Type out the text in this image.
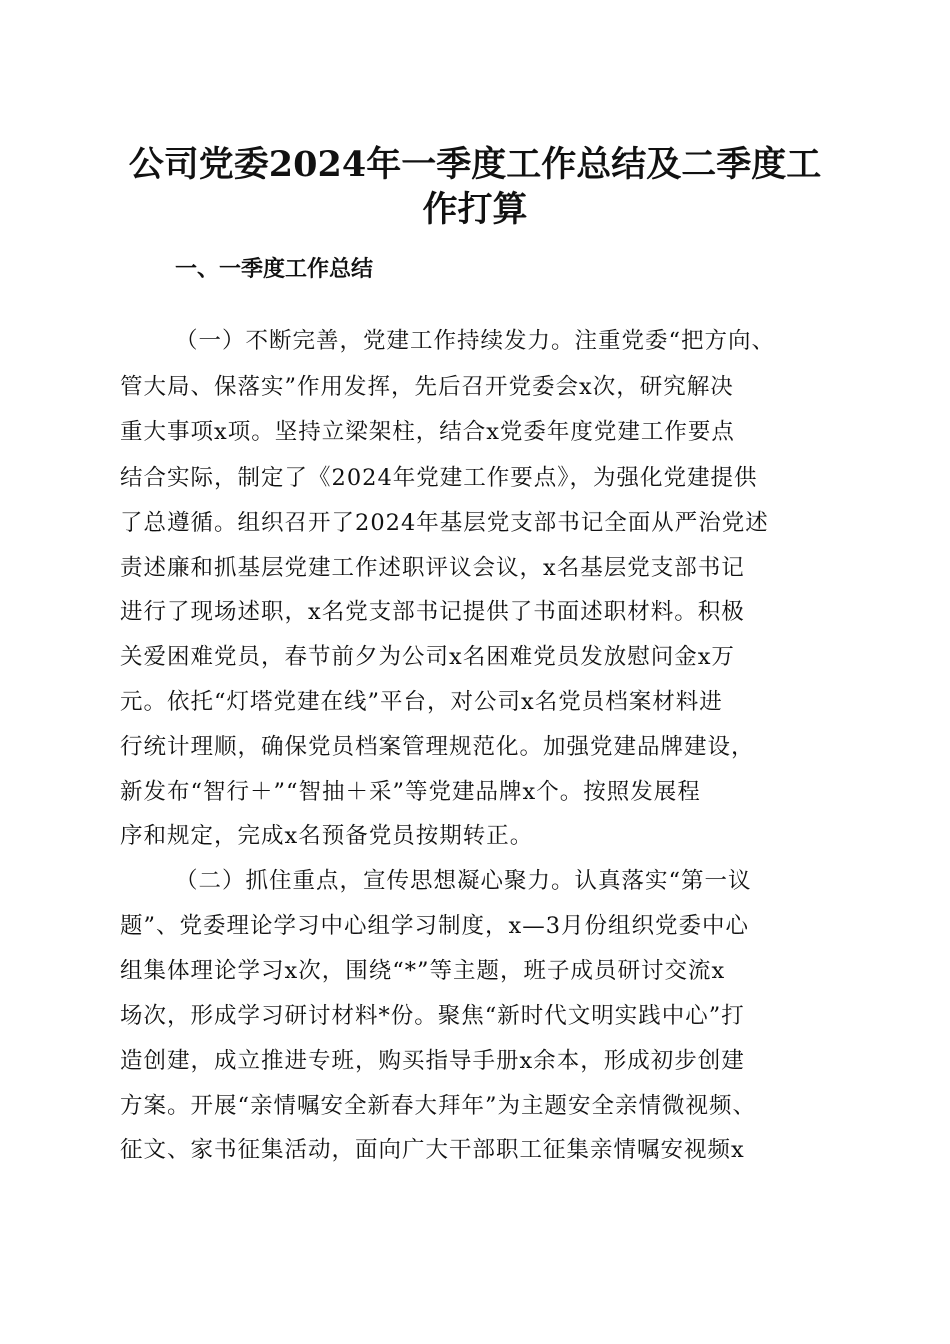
公司党委2024年一季度工作总结及二季度工
作打算
一、一季度工作总结

（一）不断完善，党建工作持续发力。注重党委“把方向、

管大局、保落实”作用发挥，先后召开党委会x次，研究解决

重大事项x项。坚持立梁架柱，结合x党委年度党建工作要点

结合实际，制定了《2024年党建工作要点》，为强化党建提供

了总遵循。组织召开了2024年基层党支部书记全面从严治党述

责述廉和抓基层党建工作述职评议会议，x名基层党支部书记

进行了现场述职，x名党支部书记提供了书面述职材料。积极

关爱困难党员，春节前夕为公司x名困难党员发放慰问金x万

元。依托“灯塔党建在线”平台，对公司x名党员档案材料进

行统计理顺，确保党员档案管理规范化。加强党建品牌建设，

新发布“智行＋”“智抽＋采”等党建品牌x个。按照发展程

序和规定，完成x名预备党员按期转正。

（二）抓住重点，宣传思想凝心聚力。认真落实“第一议

题”、党委理论学习中心组学习制度，x—3月份组织党委中心

组集体理论学习x次，围绕“*”等主题，班子成员研讨交流x

场次，形成学习研讨材料*份。聚焦“新时代文明实践中心”打

造创建，成立推进专班，购买指导手册x余本，形成初步创建

方案。开展“亲情嘱安全新春大拜年”为主题安全亲情微视频、

征文、家书征集活动，面向广大干部职工征集亲情嘱安视频x
